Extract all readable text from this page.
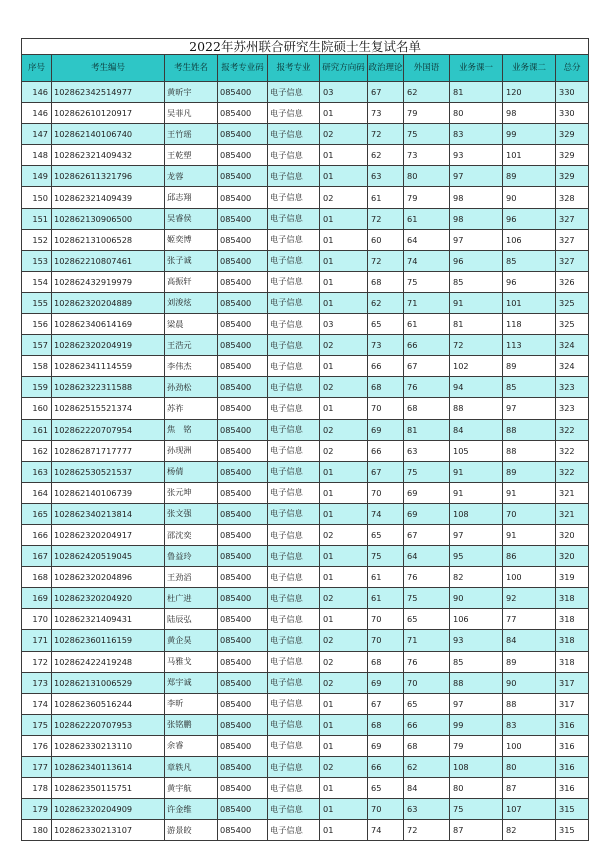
2022年苏州联合研究生院硕士生复试名单										
序号	考生编号	考生姓名	报考专业码	报考专业	研究方向码	政治理论	外国语	业务课一	业务课二	总分
146	102862342514977	黄昕宇	085400	电子信息	03	67	62	81	120	330
146	102862610120917	吴菲凡	085400	电子信息	01	73	79	80	98	330
147	102862140106740	王竹瑶	085400	电子信息	02	72	75	83	99	329
148	102862321409432	王乾塑	085400	电子信息	01	62	73	93	101	329
149	102862611321796	龙蓉	085400	电子信息	01	63	80	97	89	329
150	102862321409439	邱志翔	085400	电子信息	02	61	79	98	90	328
151	102862130906500	吴睿侯	085400	电子信息	01	72	61	98	96	327
152	102862131006528	姬奕博	085400	电子信息	01	60	64	97	106	327
153	102862210807461	张子诚	085400	电子信息	01	72	74	96	85	327
154	102862432919979	高振轩	085400	电子信息	01	68	75	85	96	326
155	102862320204889	刘浚炫	085400	电子信息	01	62	71	91	101	325
156	102862340614169	梁晨	085400	电子信息	03	65	61	81	118	325
157	102862320204919	王浩元	085400	电子信息	02	73	66	72	113	324
158	102862341114559	李伟杰	085400	电子信息	01	66	67	102	89	324
159	102862322311588	孙劲松	085400	电子信息	02	68	76	94	85	323
160	102862515521374	苏祚	085400	电子信息	01	70	68	88	97	323
161	102862220707954	焦　铭	085400	电子信息	02	69	81	84	88	322
162	102862871717777	孙现洲	085400	电子信息	02	66	63	105	88	322
163	102862530521537	杨倩	085400	电子信息	01	67	75	91	89	322
164	102862140106739	张元坤	085400	电子信息	01	70	69	91	91	321
165	102862340213814	张文强	085400	电子信息	01	74	69	108	70	321
166	102862320204917	邵沈奕	085400	电子信息	02	65	67	97	91	320
167	102862420519045	鲁益玲	085400	电子信息	01	75	64	95	86	320
168	102862320204896	王劲滔	085400	电子信息	01	61	76	82	100	319
169	102862320204920	杜广进	085400	电子信息	02	61	75	90	92	318
170	102862321409431	陆辰弘	085400	电子信息	01	70	65	106	77	318
171	102862360116159	黄企昊	085400	电子信息	02	70	71	93	84	318
172	102862422419248	马雅戈	085400	电子信息	02	68	76	85	89	318
173	102862131006529	郑宇诚	085400	电子信息	02	69	70	88	90	317
174	102862360516244	李昕	085400	电子信息	01	67	65	97	88	317
175	102862220707953	张铭鹏	085400	电子信息	01	68	66	99	83	316
176	102862330213110	余睿	085400	电子信息	01	69	68	79	100	316
177	102862340113614	章轶凡	085400	电子信息	02	66	62	108	80	316
178	102862350115751	黄宇航	085400	电子信息	01	65	84	80	87	316
179	102862320204909	许金维	085400	电子信息	01	70	63	75	107	315
180	102862330213107	游景皎	085400	电子信息	01	74	72	87	82	315
